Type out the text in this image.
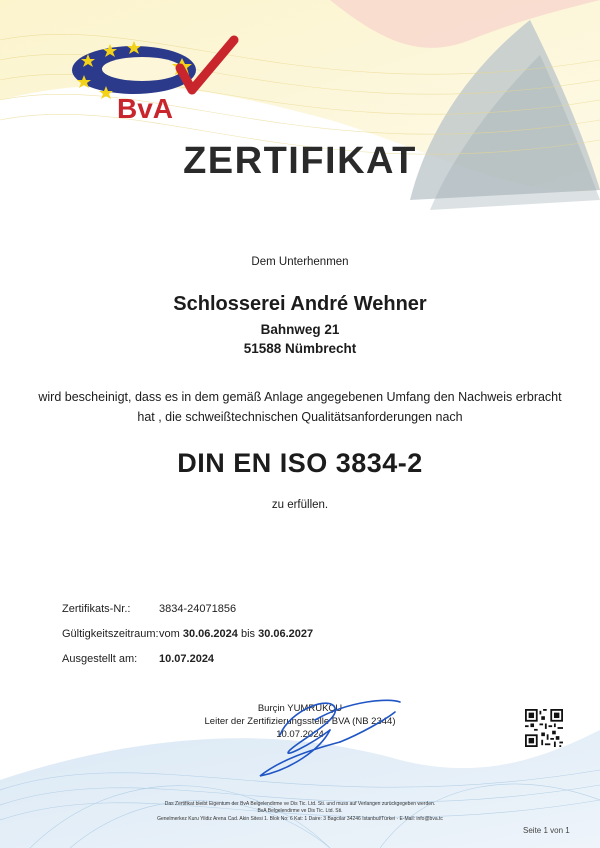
®
BvA
ZERTIFIKAT
Dem Unterhenmen
Schlosserei André Wehner
Bahnweg 21
51588 Nümbrecht
wird bescheinigt, dass es in dem gemäß Anlage angegebenen Umfang den Nachweis erbracht
hat , die schweißtechnischen Qualitätsanforderungen nach
DIN EN ISO 3834-2
zu erfüllen.
Zertifikats-Nr.:	3834-24071856
Gültigkeitszeitraum: vom 30.06.2024 bis 30.06.2027
Ausgestellt am: 10.07.2024
Burçin YUMRUKÇU
Leiter der Zertifizierungsstelle BVA (NB 2344)
10.07.2024
Das Zertifikat bleibt Eigentum der BvA Belgelendirme ve Dis Tic. Ltd. Sti. und muss auf Verlangen zurückgegeben werden.
BvA Belgelendirme ve Dis Tic. Ltd. Sti.
Genelmerkez Kuru Yildiz Arena Cad. Akin Sitesi 1. Blok No: 6 Kat: 1 Daire: 3 Bagcilar 34246 Istanbul/Türkei · E-Mail: info@bva.tc
Seite 1 von 1
